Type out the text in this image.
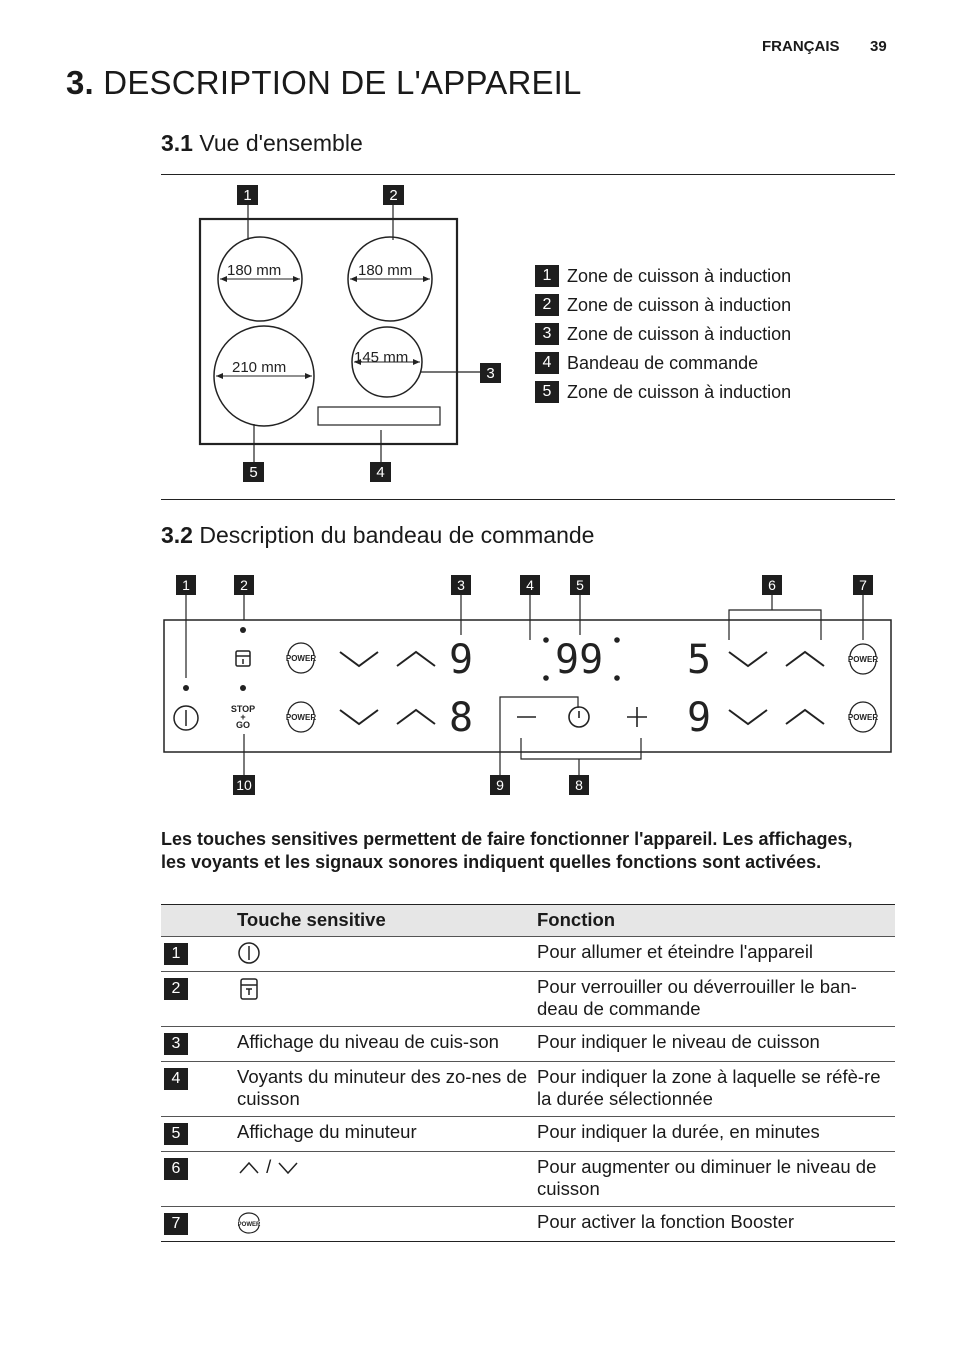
FRANÇAIS 39
3. DESCRIPTION DE L'APPAREIL
3.1 Vue d'ensemble
180 mm	180 mm
210 mm
145 mm
1	2
3
4
5
1 Zone de cuisson à induction
2 Zone de cuisson à induction
3 Zone de cuisson à induction
4 Bandeau de commande
5 Zone de cuisson à induction
3.2 Description du bandeau de commande
1	2	3	4	5	6	7
10	9	8
STOP
+
GO
POWER
POWER
POWER
POWER
9
8
99 5
9
Les touches sensitives permettent de faire fonctionner l'appareil. Les affichages, les voyants et les signaux sonores indiquent quelles fonctions sont activées.
	Touche sensitive	Fonction
1		Pour allumer et éteindre l'appareil
2		Pour verrouiller ou déverrouiller le ban-deau de commande
3	Affichage du niveau de cuis-son	Pour indiquer le niveau de cuisson
4	Voyants du minuteur des zo-nes de cuisson	Pour indiquer la zone à laquelle se réfè-re la durée sélectionnée
5	Affichage du minuteur	Pour indiquer la durée, en minutes
6	/	Pour augmenter ou diminuer le niveau de cuisson
7	POWER	Pour activer la fonction Booster
